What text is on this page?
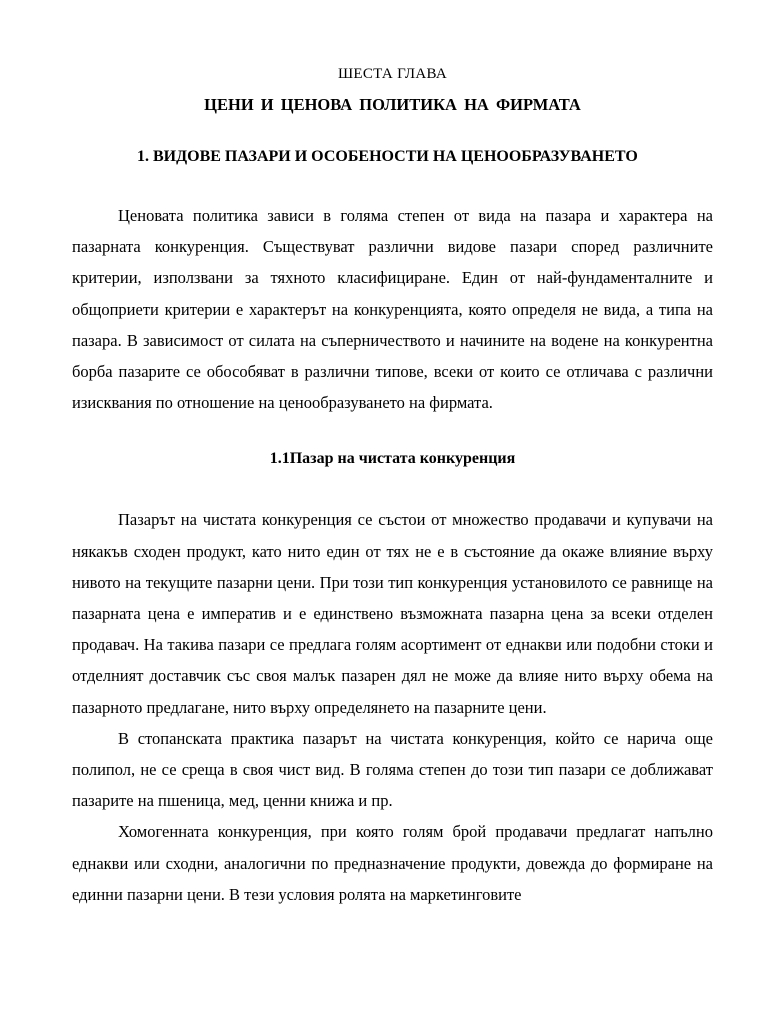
ШЕСТА ГЛАВА

ЦЕНИ И ЦЕНОВА ПОЛИТИКА НА ФИРМАТА

1. ВИДОВЕ ПАЗАРИ И ОСОБЕНОСТИ НА ЦЕНООБРАЗУВАНЕТО

Ценовата политика зависи в голяма степен от вида на пазара и характера на пазарната конкуренция. Съществуват различни видове пазари според различните критерии, използвани за тяхното класифициране. Един от най-фундаменталните и общоприети критерии е характерът на конкуренцията, която определя не вида, а типа на пазара. В зависимост от силата на съперничеството и начините на водене на конкурентна борба пазарите се обособяват в различни типове, всеки от които се отличава с различни изисквания по отношение на ценообразуването на фирмата.

1.1Пазар на чистата конкуренция

Пазарът на чистата конкуренция се състои от множество продавачи и купувачи на някакъв сходен продукт, като нито един от тях не е в състояние да окаже влияние върху нивото на текущите пазарни цени. При този тип конкуренция установилото се равнище на пазарната цена е императив и е единствено възможната пазарна цена за всеки отделен продавач. На такива пазари се предлага голям асортимент от еднакви или подобни стоки и отделният доставчик със своя малък пазарен дял не може да влияе нито върху обема на пазарното предлагане, нито върху определянето на пазарните цени.

В стопанската практика пазарът на чистата конкуренция, който се нарича още полипол, не се среща в своя чист вид. В голяма степен до този тип пазари се доближават пазарите на пшеница, мед, ценни книжа и пр.

Хомогенната конкуренция, при която голям брой продавачи предлагат напълно еднакви или сходни, аналогични по предназначение продукти, довежда до формиране на единни пазарни цени. В тези условия ролята на маркетинговите
